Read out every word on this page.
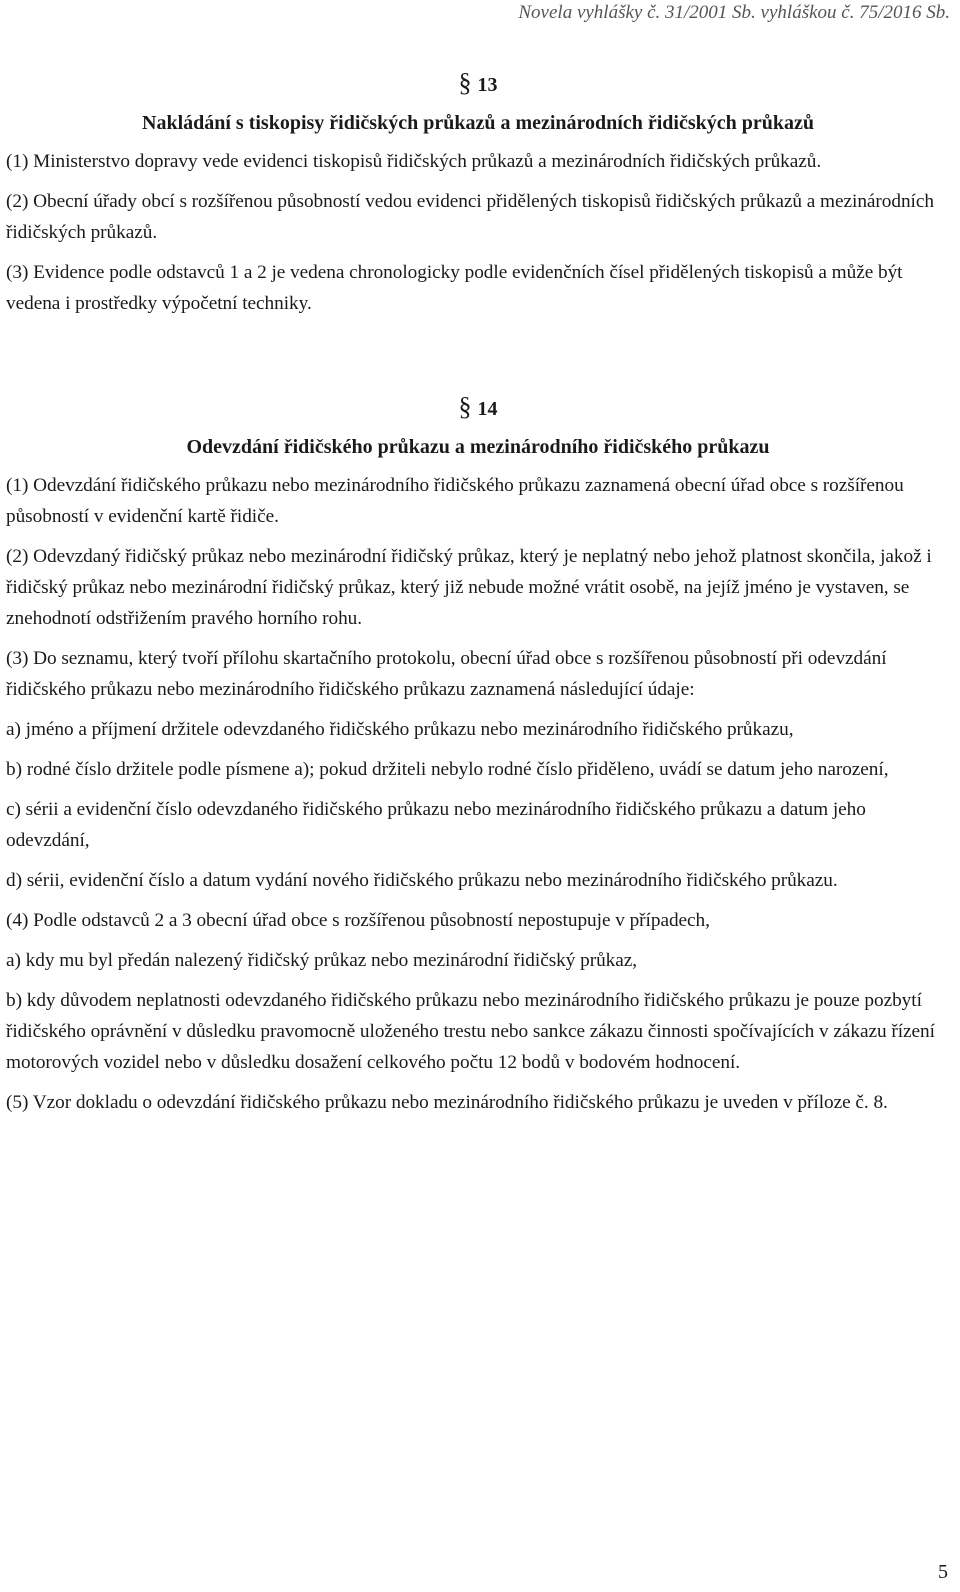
Novela vyhlášky č. 31/2001 Sb. vyhláškou č. 75/2016 Sb.
§ 13
Nakládání s tiskopisy řidičských průkazů a mezinárodních řidičských průkazů

(1) Ministerstvo dopravy vede evidenci tiskopisů řidičských průkazů a mezinárodních řidičských průkazů.

(2) Obecní úřady obcí s rozšířenou působností vedou evidenci přidělených tiskopisů řidičských průkazů a mezinárodních řidičských průkazů.

(3) Evidence podle odstavců 1 a 2 je vedena chronologicky podle evidenčních čísel přidělených tiskopisů a může být vedena i prostředky výpočetní techniky.

§ 14
Odevzdání řidičského průkazu a mezinárodního řidičského průkazu

(1) Odevzdání řidičského průkazu nebo mezinárodního řidičského průkazu zaznamená obecní úřad obce s rozšířenou působností v evidenční kartě řidiče.

(2) Odevzdaný řidičský průkaz nebo mezinárodní řidičský průkaz, který je neplatný nebo jehož platnost skončila, jakož i řidičský průkaz nebo mezinárodní řidičský průkaz, který již nebude možné vrátit osobě, na jejíž jméno je vystaven, se znehodnotí odstřižením pravého horního rohu.

(3) Do seznamu, který tvoří přílohu skartačního protokolu, obecní úřad obce s rozšířenou působností při odevzdání řidičského průkazu nebo mezinárodního řidičského průkazu zaznamená následující údaje:

a) jméno a příjmení držitele odevzdaného řidičského průkazu nebo mezinárodního řidičského průkazu,

b) rodné číslo držitele podle písmene a); pokud držiteli nebylo rodné číslo přiděleno, uvádí se datum jeho narození,

c) sérii a evidenční číslo odevzdaného řidičského průkazu nebo mezinárodního řidičského průkazu a datum jeho odevzdání,

d) sérii, evidenční číslo a datum vydání nového řidičského průkazu nebo mezinárodního řidičského průkazu.

(4) Podle odstavců 2 a 3 obecní úřad obce s rozšířenou působností nepostupuje v případech,

a) kdy mu byl předán nalezený řidičský průkaz nebo mezinárodní řidičský průkaz,

b) kdy důvodem neplatnosti odevzdaného řidičského průkazu nebo mezinárodního řidičského průkazu je pouze pozbytí řidičského oprávnění v důsledku pravomocně uloženého trestu nebo sankce zákazu činnosti spočívajících v zákazu řízení motorových vozidel nebo v důsledku dosažení celkového počtu 12 bodů v bodovém hodnocení.

(5) Vzor dokladu o odevzdání řidičského průkazu nebo mezinárodního řidičského průkazu je uveden v příloze č. 8.

5
